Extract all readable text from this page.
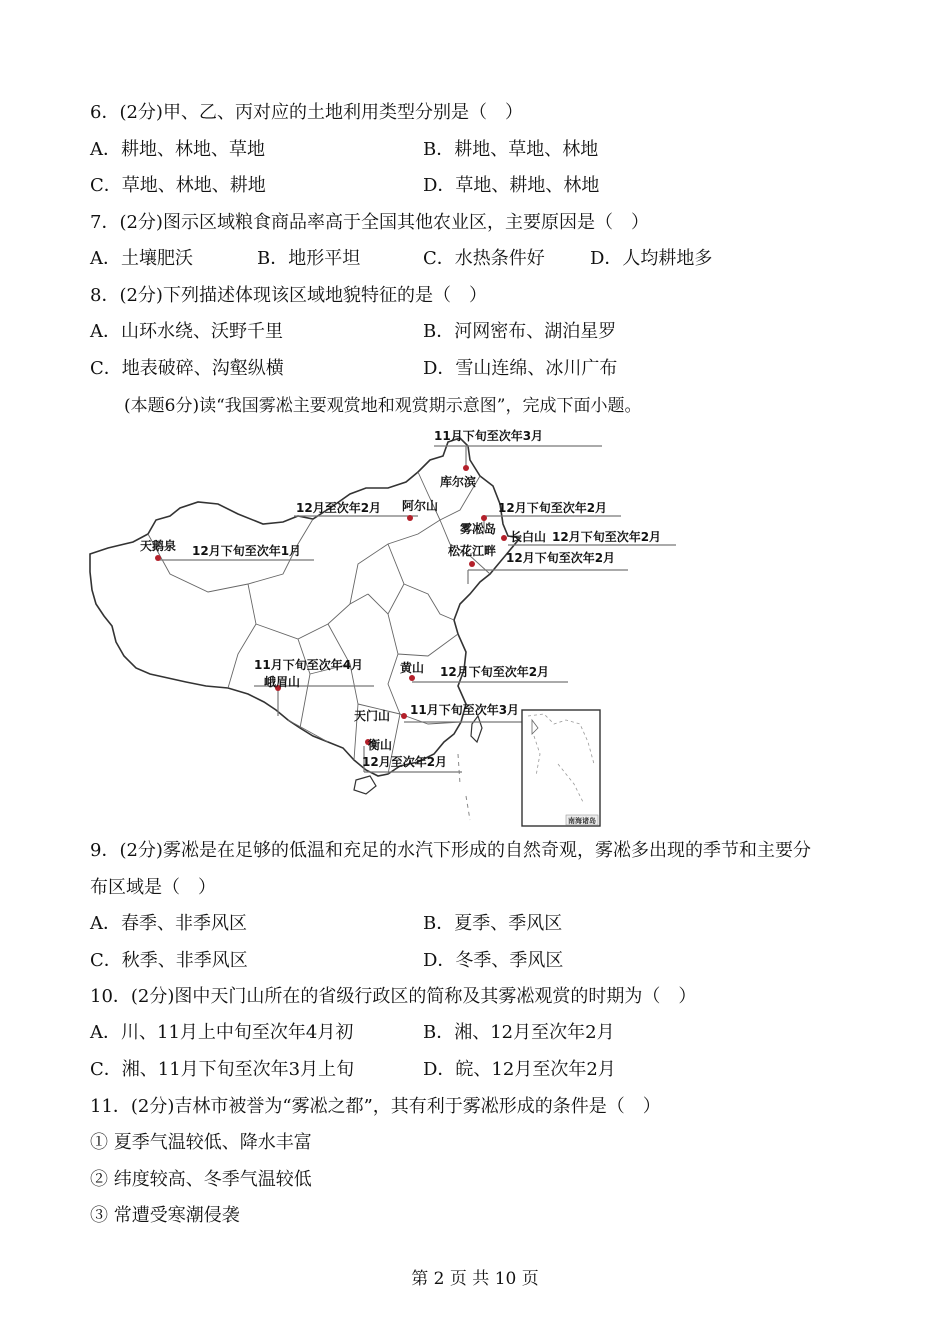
6．(2分)甲、乙、丙对应的土地利用类型分别是（　）
A．耕地、林地、草地	B．耕地、草地、林地
C．草地、林地、耕地	D．草地、耕地、林地
7．(2分)图示区域粮食商品率高于全国其他农业区，主要原因是（　）
A．土壤肥沃	B．地形平坦	C．水热条件好	D．人均耕地多
8．(2分)下列描述体现该区域地貌特征的是（　）
A．山环水绕、沃野千里	B．河网密布、湖泊星罗
C．地表破碎、沟壑纵横	D．雪山连绵、冰川广布
(本题6分)读“我国雾凇主要观赏地和观赏期示意图”，完成下面小题。
11月下旬至次年3月
库尔滨
12月至次年2月 阿尔山	12月下旬至次年2月
雾凇岛
长白山 12月下旬至次年2月
松花江畔 12月下旬至次年2月
天鹅泉 12月下旬至次年1月
11月下旬至次年4月
峨眉山
黄山 12月下旬至次年2月
天门山 11月下旬至次年3月
衡山
12月至次年2月
南海诸岛
9．(2分)雾凇是在足够的低温和充足的水汽下形成的自然奇观，雾凇多出现的季节和主要分
布区域是（　）
A．春季、非季风区	B．夏季、季风区
C．秋季、非季风区	D．冬季、季风区
10．(2分)图中天门山所在的省级行政区的简称及其雾凇观赏的时期为（　）
A．川、11月上中旬至次年4月初	B．湘、12月至次年2月
C．湘、11月下旬至次年3月上旬	D．皖、12月至次年2月
11．(2分)吉林市被誉为“雾凇之都”，其有利于雾凇形成的条件是（　）
① 夏季气温较低、降水丰富
② 纬度较高、冬季气温较低
③ 常遭受寒潮侵袭
第 2 页 共 10 页
